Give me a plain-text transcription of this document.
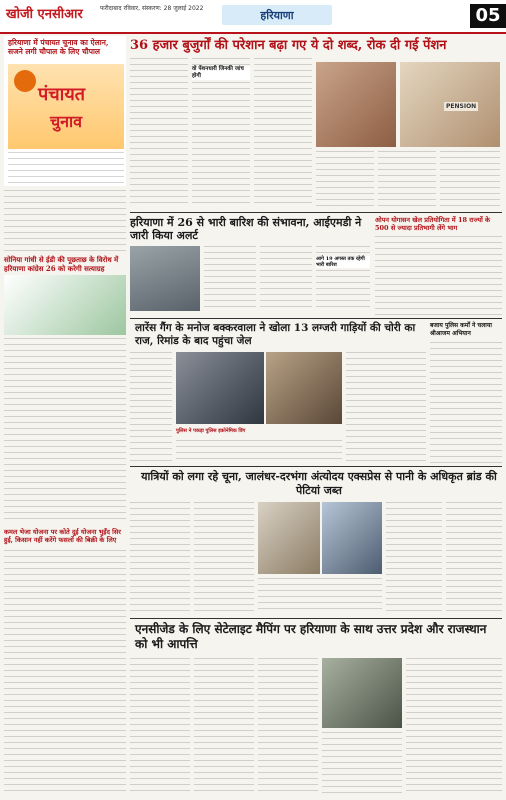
खोजी एनसीआर	फरीदाबाद रविवार, संस्करण: 28 जुलाई 2022
हरियाणा	05
हरियाणा में पंचायत चुनाव का ऐलान, सजने लगी चौपाल के लिए चौपाल
पंचायत
चुनाव
36 हजार बुजुर्गों की परेशान बढ़ा गए ये दो शब्द, रोक दी गई पेंशन
वो पेंशनधारी जिनकी जांच होगी
PENSION
सोनिया गांधी से ईडी की पूछताछ के विरोध में हरियाणा कांग्रेस 26 को करेगी सत्याग्रह
हरियाणा में 26 से भारी बारिश की संभावना, आईएमडी ने जारी किया अलर्ट
आगे 19 अगस्त तक रहेगी भारी बारिश
ओपन योगासन खेल प्रतियोगिता में 18 राज्यों के 500 से ज्यादा प्रतिभागी लेंगे भाग
लारेंस गैंग के मनोज बक्करवाला ने खोला 13 लग्जरी गाड़ियों की चोरी का राज, रिमांड के बाद पहुंचा जेल
पुलिस ने पकड़ा पुलिस इकोनेमिक विंग
बजाय पुलिस कर्मों ने चलाया श्रीआजम अभियान
कमल भेजा योजना पर कोते दुई योजना भुइँद सिर हुई, किसान नहीं करेंगे फसलों की बिक्री के लिए
यात्रियों को लगा रहे चूना, जालंधर-दरभंगा अंत्योदय एक्सप्रेस से पानी के अधिकृत ब्रांड की पेटियां जब्त
एनसीजेड के लिए सेटेलाइट मैपिंग पर हरियाणा के साथ उत्तर प्रदेश और राजस्थान को भी आपत्ति
